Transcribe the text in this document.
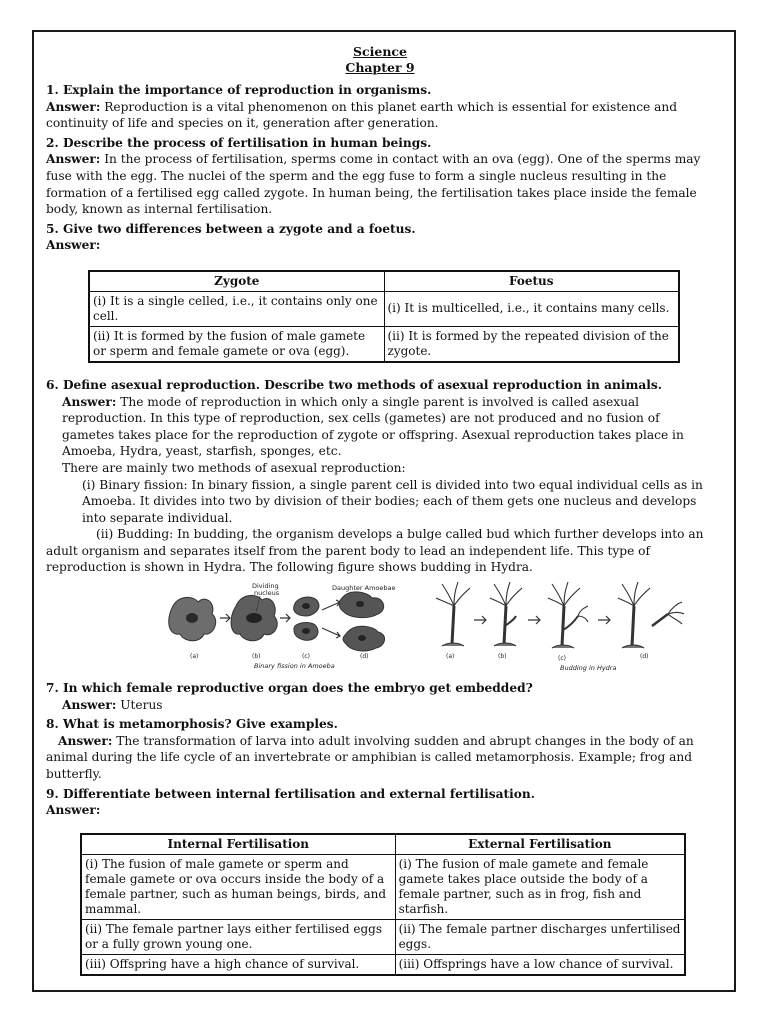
Science
Chapter 9

1. Explain the importance of reproduction in organisms.

Answer: Reproduction is a vital phenomenon on this planet earth which is essential for existence and continuity of life and species on it, generation after generation.

2. Describe the process of fertilisation in human beings.

Answer: In the process of fertilisation, sperms come in contact with an ova (egg). One of the sperms may fuse with the egg. The nuclei of the sperm and the egg fuse to form a single nucleus resulting in the formation of a fertilised egg called zygote. In human being, the fertilisation takes place inside the female body, known as internal fertilisation.

5. Give two differences between a zygote and a foetus.

Answer:

Zygote	Foetus
(i) It is a single celled, i.e., it contains only one cell.	(i) It is multicelled, i.e., it contains many cells.
(ii) It is formed by the fusion of male gamete or sperm and female gamete or ova (egg).	(ii) It is formed by the repeated division of the zygote.

6. Define asexual reproduction. Describe two methods of asexual reproduction in animals.

Answer: The mode of reproduction in which only a single parent is involved is called asexual reproduction. In this type of reproduction, sex cells (gametes) are not produced and no fusion of gametes takes place for the reproduction of zygote or offspring. Asexual reproduction takes place in Amoeba, Hydra, yeast, starfish, sponges, etc.

There are mainly two methods of asexual reproduction:

(i) Binary fission: In binary fission, a single parent cell is divided into two equal individual cells as in Amoeba. It divides into two by division of their bodies; each of them gets one nucleus and develops into separate individual.

(ii) Budding: In budding, the organism develops a bulge called bud which further develops into an adult organism and separates itself from the parent body to lead an independent life. This type of reproduction is shown in Hydra. The following figure shows budding in Hydra.

Dividing
nucleus
Daughter Amoebae
(a)	(b)	(c)	(d)
Binary fission in Amoeba
(a)	(b)	(c)	(d)
Budding in Hydra

7. In which female reproductive organ does the embryo get embedded?

Answer: Uterus

8. What is metamorphosis? Give examples.

Answer: The transformation of larva into adult involving sudden and abrupt changes in the body of an animal during the life cycle of an invertebrate or amphibian is called metamorphosis. Example; frog and butterfly.

9. Differentiate between internal fertilisation and external fertilisation.

Answer:

Internal Fertilisation	External Fertilisation
(i) The fusion of male gamete or sperm and female gamete or ova occurs inside the body of a female partner, such as human beings, birds, and mammal.	(i) The fusion of male gamete and female gamete takes place outside the body of a female partner, such as in frog, fish and starfish.
(ii) The female partner lays either fertilised eggs or a fully grown young one.	(ii) The female partner discharges unfertilised eggs.
(iii) Offspring have a high chance of survival.	(iii) Offsprings have a low chance of survival.
